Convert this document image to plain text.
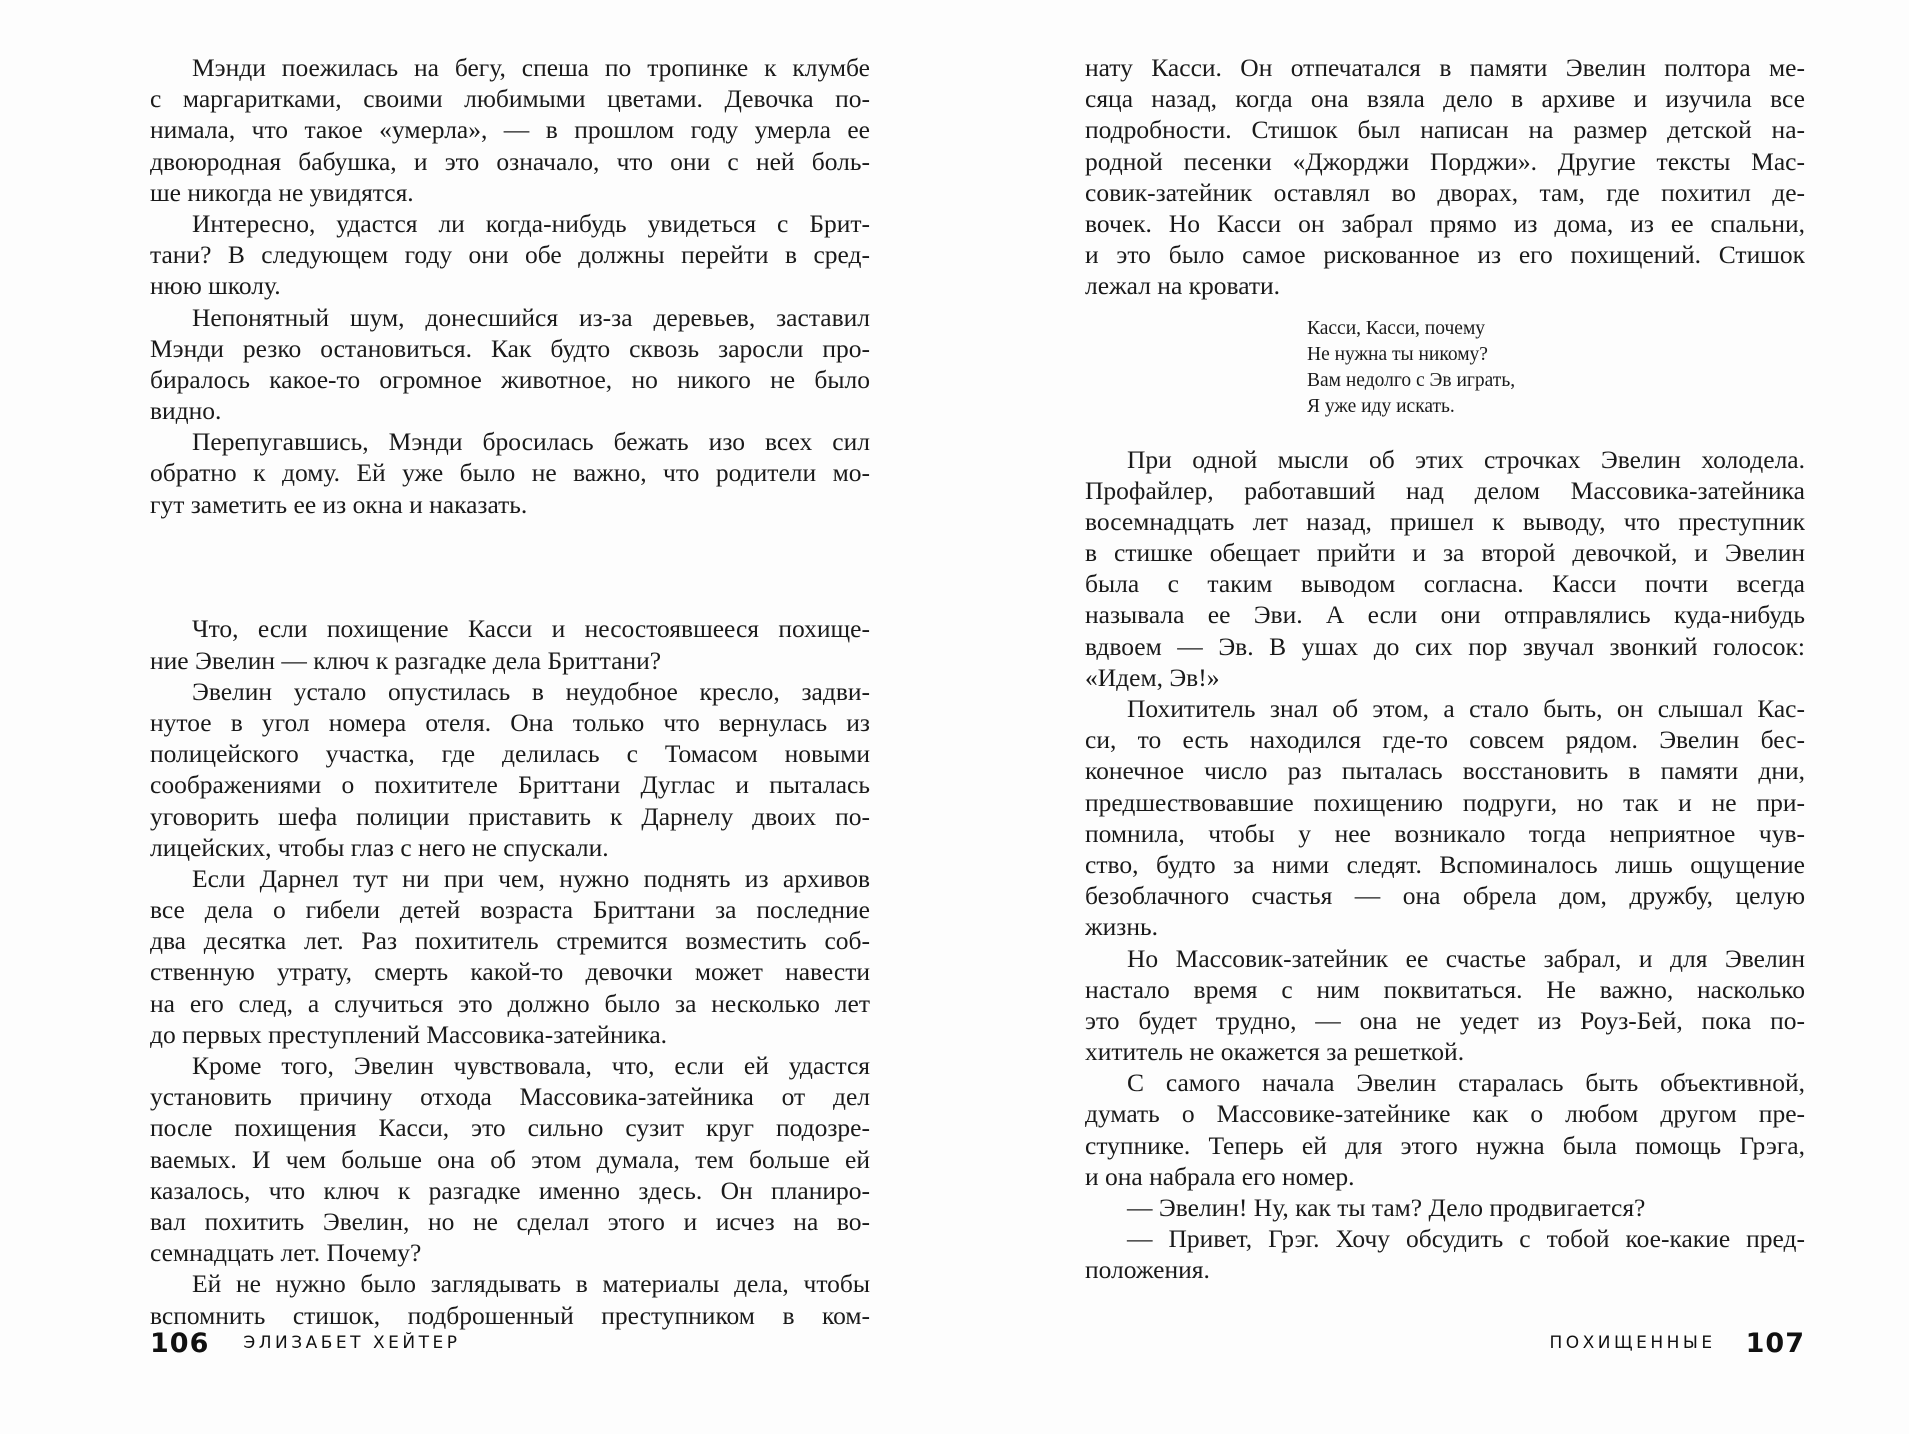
Мэнди поежилась на бегу, спеша по тропинке к клумбе
с маргаритками, своими любимыми цветами. Девочка по-
нимала, что такое «умерла», — в прошлом году умерла ее
двоюродная бабушка, и это означало, что они с ней боль-
ше никогда не увидятся.
Интересно, удастся ли когда-нибудь увидеться с Брит-
тани? В следующем году они обе должны перейти в сред-
нюю школу.
Непонятный шум, донесшийся из-за деревьев, заставил
Мэнди резко остановиться. Как будто сквозь заросли про-
биралось какое-то огромное животное, но никого не было
видно.
Перепугавшись, Мэнди бросилась бежать изо всех сил
обратно к дому. Ей уже было не важно, что родители мо-
гут заметить ее из окна и наказать.
Что, если похищение Касси и несостоявшееся похище-
ние Эвелин — ключ к разгадке дела Бриттани?
Эвелин устало опустилась в неудобное кресло, задви-
нутое в угол номера отеля. Она только что вернулась из
полицейского участка, где делилась с Томасом новыми
соображениями о похитителе Бриттани Дуглас и пыталась
уговорить шефа полиции приставить к Дарнелу двоих по-
лицейских, чтобы глаз с него не спускали.
Если Дарнел тут ни при чем, нужно поднять из архивов
все дела о гибели детей возраста Бриттани за последние
два десятка лет. Раз похититель стремится возместить соб-
ственную утрату, смерть какой-то девочки может навести
на его след, а случиться это должно было за несколько лет
до первых преступлений Массовика-затейника.
Кроме того, Эвелин чувствовала, что, если ей удастся
установить причину отхода Массовика-затейника от дел
после похищения Касси, это сильно сузит круг подозре-
ваемых. И чем больше она об этом думала, тем больше ей
казалось, что ключ к разгадке именно здесь. Он планиро-
вал похитить Эвелин, но не сделал этого и исчез на во-
семнадцать лет. Почему?
Ей не нужно было заглядывать в материалы дела, чтобы
вспомнить стишок, подброшенный преступником в ком-
нату Касси. Он отпечатался в памяти Эвелин полтора ме-
сяца назад, когда она взяла дело в архиве и изучила все
подробности. Стишок был написан на размер детской на-
родной песенки «Джорджи Порджи». Другие тексты Мас-
совик-затейник оставлял во дворах, там, где похитил де-
вочек. Но Касси он забрал прямо из дома, из ее спальни,
и это было самое рискованное из его похищений. Стишок
лежал на кровати.
Касси, Касси, почему
Не нужна ты никому?
Вам недолго с Эв играть,
Я уже иду искать.
При одной мысли об этих строчках Эвелин холодела.
Профайлер, работавший над делом Массовика-затейника
восемнадцать лет назад, пришел к выводу, что преступник
в стишке обещает прийти и за второй девочкой, и Эвелин
была с таким выводом согласна. Касси почти всегда
называла ее Эви. А если они отправлялись куда-нибудь
вдвоем — Эв. В ушах до сих пор звучал звонкий голосок:
«Идем, Эв!»
Похититель знал об этом, а стало быть, он слышал Кас-
си, то есть находился где-то совсем рядом. Эвелин бес-
конечное число раз пыталась восстановить в памяти дни,
предшествовавшие похищению подруги, но так и не при-
помнила, чтобы у нее возникало тогда неприятное чув-
ство, будто за ними следят. Вспоминалось лишь ощущение
безоблачного счастья — она обрела дом, дружбу, целую
жизнь.
Но Массовик-затейник ее счастье забрал, и для Эвелин
настало время с ним поквитаться. Не важно, насколько
это будет трудно, — она не уедет из Роуз-Бей, пока по-
хититель не окажется за решеткой.
С самого начала Эвелин старалась быть объективной,
думать о Массовике-затейнике как о любом другом пре-
ступнике. Теперь ей для этого нужна была помощь Грэга,
и она набрала его номер.
— Эвелин! Ну, как ты там? Дело продвигается?
— Привет, Грэг. Хочу обсудить с тобой кое-какие пред-
положения.
106 ЭЛИЗАБЕТ ХЕЙТЕР	ПОХИЩЕННЫЕ 107
